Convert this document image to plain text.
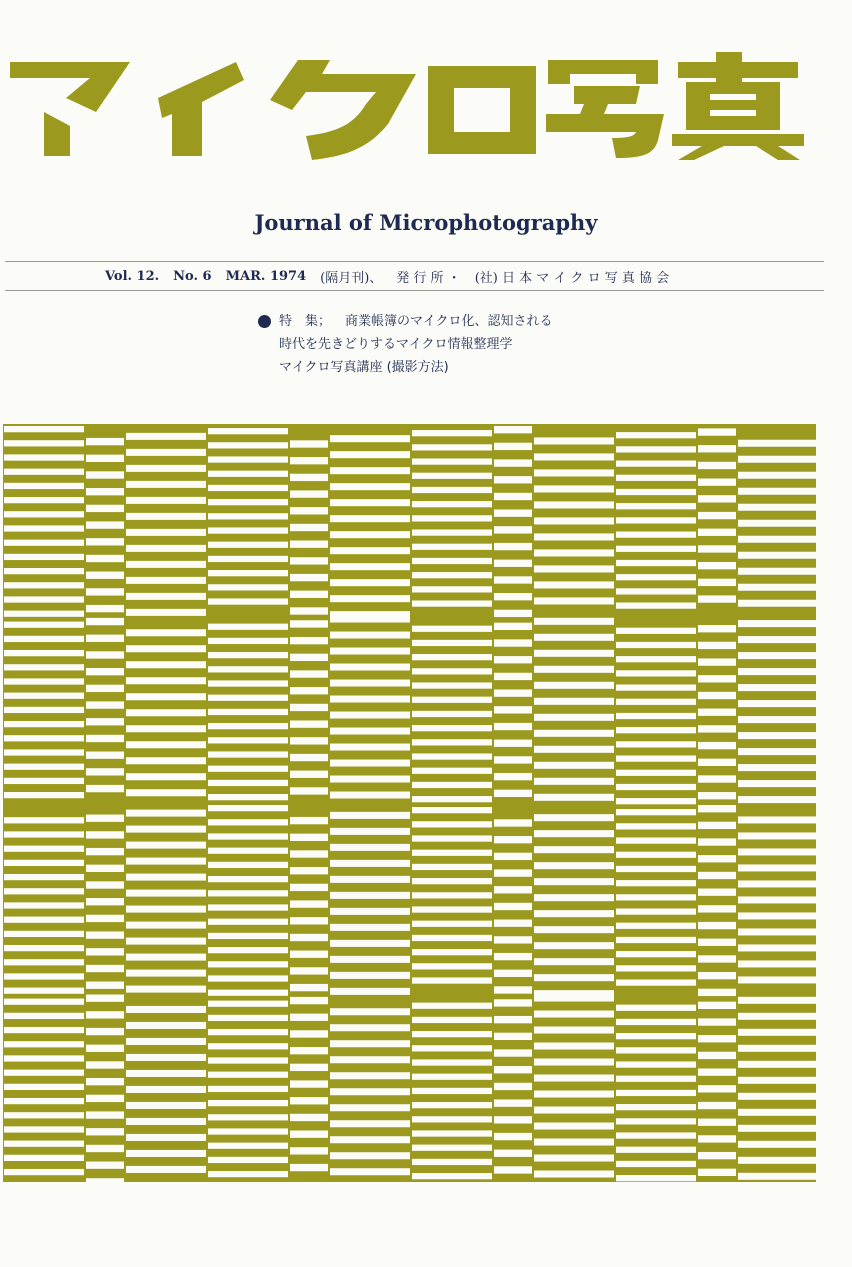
Journal of Microphotography
Vol. 12. No. 6 MAR. 1974 (隔月刊)、 発 行 所 ・ (社) 日 本 マ イ ク ロ 写 真 協 会
特　集； 商業帳簿のマイクロ化、認知される
時代を先きどりするマイクロ情報整理学
マイクロ写真講座 (撮影方法)
